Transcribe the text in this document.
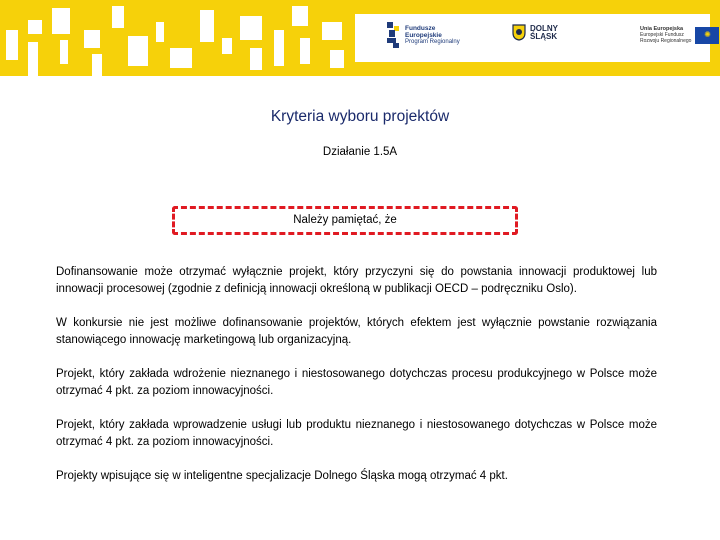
Fundusze
Europejskie
Program Regionalny
DOLNY
ŚLĄSK
Unia Europejska
Europejski Fundusz
Rozwoju Regionalnego
✺
Kryteria wyboru projektów
Działanie 1.5A
Należy pamiętać, że

Dofinansowanie może otrzymać wyłącznie projekt, który przyczyni się do powstania innowacji produktowej lub innowacji procesowej (zgodnie z definicją innowacji określoną w publikacji OECD – podręczniku Oslo).

W konkursie nie jest możliwe dofinansowanie projektów, których efektem jest wyłącznie powstanie rozwiązania stanowiącego innowację marketingową lub organizacyjną.

Projekt, który zakłada wdrożenie nieznanego i niestosowanego dotychczas procesu produkcyjnego w Polsce może otrzymać 4 pkt. za poziom innowacyjności.

Projekt, który zakłada wprowadzenie usługi lub produktu nieznanego i niestosowanego dotychczas w Polsce może otrzymać 4 pkt. za poziom innowacyjności.

Projekty wpisujące się w inteligentne specjalizacje Dolnego Śląska mogą otrzymać 4 pkt.
